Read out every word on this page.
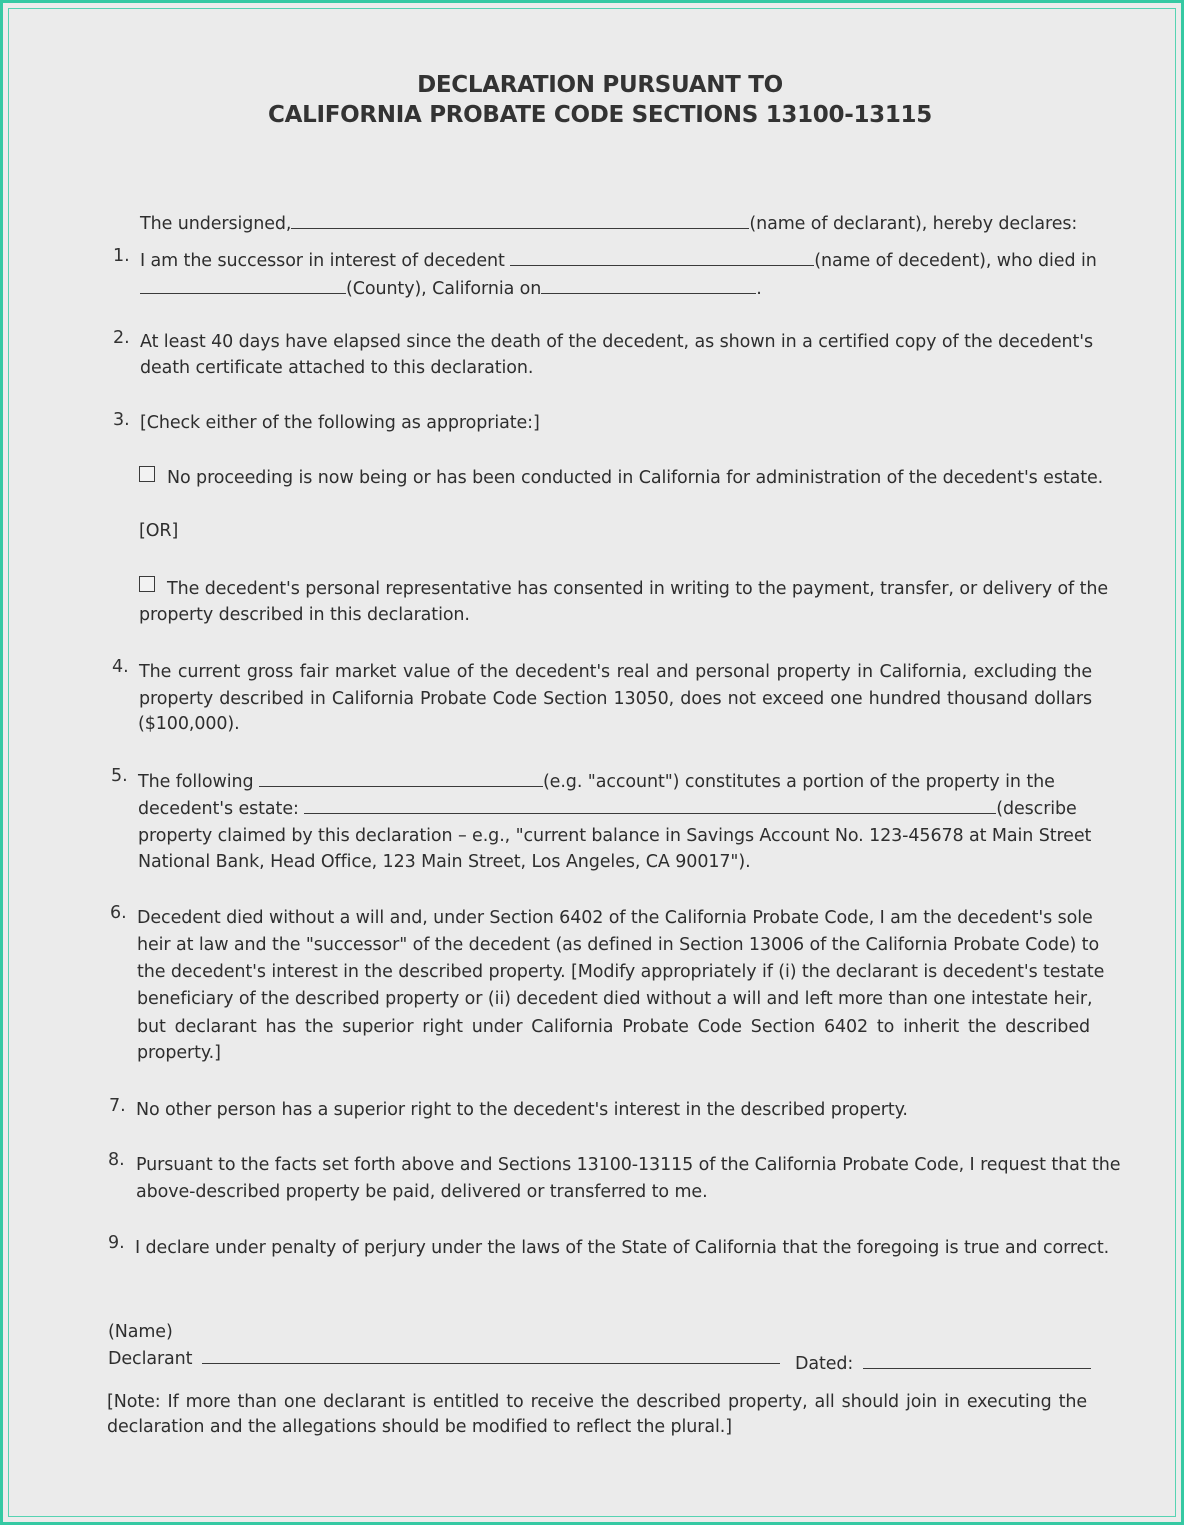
DECLARATION PURSUANT TO
CALIFORNIA PROBATE CODE SECTIONS 13100-13115
The undersigned,	(name of declarant), hereby declares:
1. I am the successor in interest of decedent	(name of decedent), who died in
(County), California on	.
2. At least 40 days have elapsed since the death of the decedent, as shown in a certified copy of the decedent's
death certificate attached to this declaration.
3. [Check either of the following as appropriate:]
No proceeding is now being or has been conducted in California for administration of the decedent's estate.
[OR]
The decedent's personal representative has consented in writing to the payment, transfer, or delivery of the
property described in this declaration.
4. The current gross fair market value of the decedent's real and personal property in California, excluding the
property described in California Probate Code Section 13050, does not exceed one hundred thousand dollars
($100,000).
5. The following	(e.g. "account") constitutes a portion of the property in the
decedent's estate:	(describe
property claimed by this declaration – e.g., "current balance in Savings Account No. 123-45678 at Main Street
National Bank, Head Office, 123 Main Street, Los Angeles, CA 90017").
6. Decedent died without a will and, under Section 6402 of the California Probate Code, I am the decedent's sole
heir at law and the "successor" of the decedent (as defined in Section 13006 of the California Probate Code) to
the decedent's interest in the described property. [Modify appropriately if (i) the declarant is decedent's testate
beneficiary of the described property or (ii) decedent died without a will and left more than one intestate heir,
but declarant has the superior right under California Probate Code Section 6402 to inherit the described
property.]
7. No other person has a superior right to the decedent's interest in the described property.
8. Pursuant to the facts set forth above and Sections 13100-13115 of the California Probate Code, I request that the
above-described property be paid, delivered or transferred to me.
9. I declare under penalty of perjury under the laws of the State of California that the foregoing is true and correct.
(Name)
Declarant	Dated:
[Note: If more than one declarant is entitled to receive the described property, all should join in executing the
declaration and the allegations should be modified to reflect the plural.]
